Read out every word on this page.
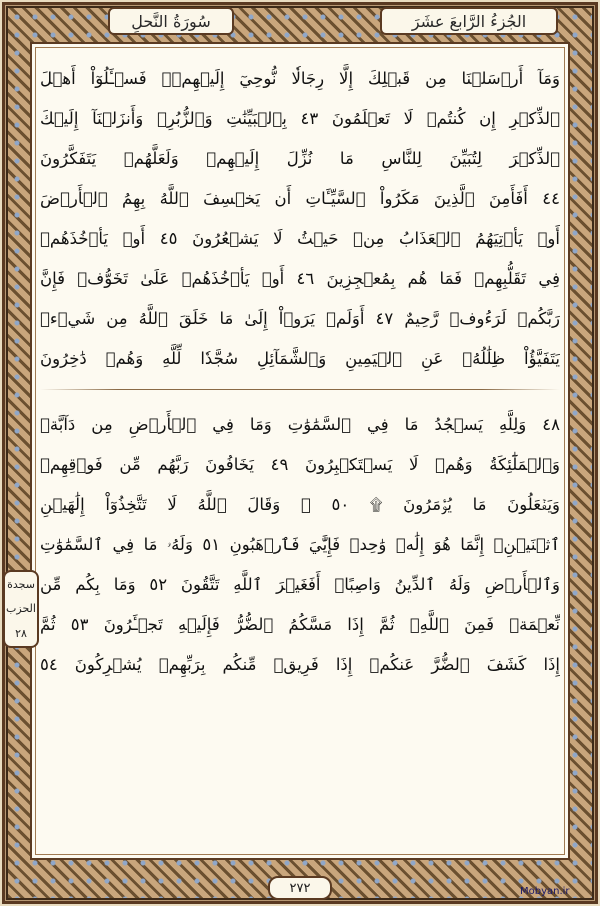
الجُزءُ الرَّابعَ عشَرَ
سُورَةُ النَّحلِ
سجدة
الحزب
٢٨
وَمَآ أَرۡسَلۡنَا مِن قَبۡلِكَ إِلَّا رِجَالٗا نُّوحِيٓ إِلَيۡهِمۡۖ فَسۡـَٔلُوٓاْ أَهۡلَ
ٱلذِّكۡرِ إِن كُنتُمۡ لَا تَعۡلَمُونَ ٤٣ بِٱلۡبَيِّنَٰتِ وَٱلزُّبُرِۗ وَأَنزَلۡنَآ إِلَيۡكَ
ٱلذِّكۡرَ لِتُبَيِّنَ لِلنَّاسِ مَا نُزِّلَ إِلَيۡهِمۡ وَلَعَلَّهُمۡ يَتَفَكَّرُونَ
٤٤ أَفَأَمِنَ ٱلَّذِينَ مَكَرُواْ ٱلسَّيِّـَٔاتِ أَن يَخۡسِفَ ٱللَّهُ بِهِمُ ٱلۡأَرۡضَ
أَوۡ يَأۡتِيَهُمُ ٱلۡعَذَابُ مِنۡ حَيۡثُ لَا يَشۡعُرُونَ ٤٥ أَوۡ يَأۡخُذَهُمۡ
فِي تَقَلُّبِهِمۡ فَمَا هُم بِمُعۡجِزِينَ ٤٦ أَوۡ يَأۡخُذَهُمۡ عَلَىٰ تَخَوُّفٖ فَإِنَّ
رَبَّكُمۡ لَرَءُوفٞ رَّحِيمٌ ٤٧ أَوَلَمۡ يَرَوۡاْ إِلَىٰ مَا خَلَقَ ٱللَّهُ مِن شَيۡءٖ
يَتَفَيَّؤُاْ ظِلَٰلُهُۥ عَنِ ٱلۡيَمِينِ وَٱلشَّمَآئِلِ سُجَّدٗا لِّلَّهِ وَهُمۡ دَٰخِرُونَ
٤٨ وَلِلَّهِ يَسۡجُدُ مَا فِي ٱلسَّمَٰوَٰتِ وَمَا فِي ٱلۡأَرۡضِ مِن دَآبَّةٖ
وَٱلۡمَلَٰٓئِكَةُ وَهُمۡ لَا يَسۡتَكۡبِرُونَ ٤٩ يَخَافُونَ رَبَّهُم مِّن فَوۡقِهِمۡ
وَيَفۡعَلُونَ مَا يُؤۡمَرُونَ ۩ ٥٠ ۞ وَقَالَ ٱللَّهُ لَا تَتَّخِذُوٓاْ إِلَٰهَيۡنِ
ٱثۡنَيۡنِۖ إِنَّمَا هُوَ إِلَٰهٞ وَٰحِدٞ فَإِيَّٰيَ فَٱرۡهَبُونِ ٥١ وَلَهُۥ مَا فِي ٱلسَّمَٰوَٰتِ
وَٱلۡأَرۡضِ وَلَهُ ٱلدِّينُ وَاصِبًاۚ أَفَغَيۡرَ ٱللَّهِ تَتَّقُونَ ٥٢ وَمَا بِكُم مِّن
نِّعۡمَةٖ فَمِنَ ٱللَّهِۖ ثُمَّ إِذَا مَسَّكُمُ ٱلضُّرُّ فَإِلَيۡهِ تَجۡـَٔرُونَ ٥٣ ثُمَّ
إِذَا كَشَفَ ٱلضُّرَّ عَنكُمۡ إِذَا فَرِيقٞ مِّنكُم بِرَبِّهِمۡ يُشۡرِكُونَ ٥٤
٢٧٢	Mobyan.ir
